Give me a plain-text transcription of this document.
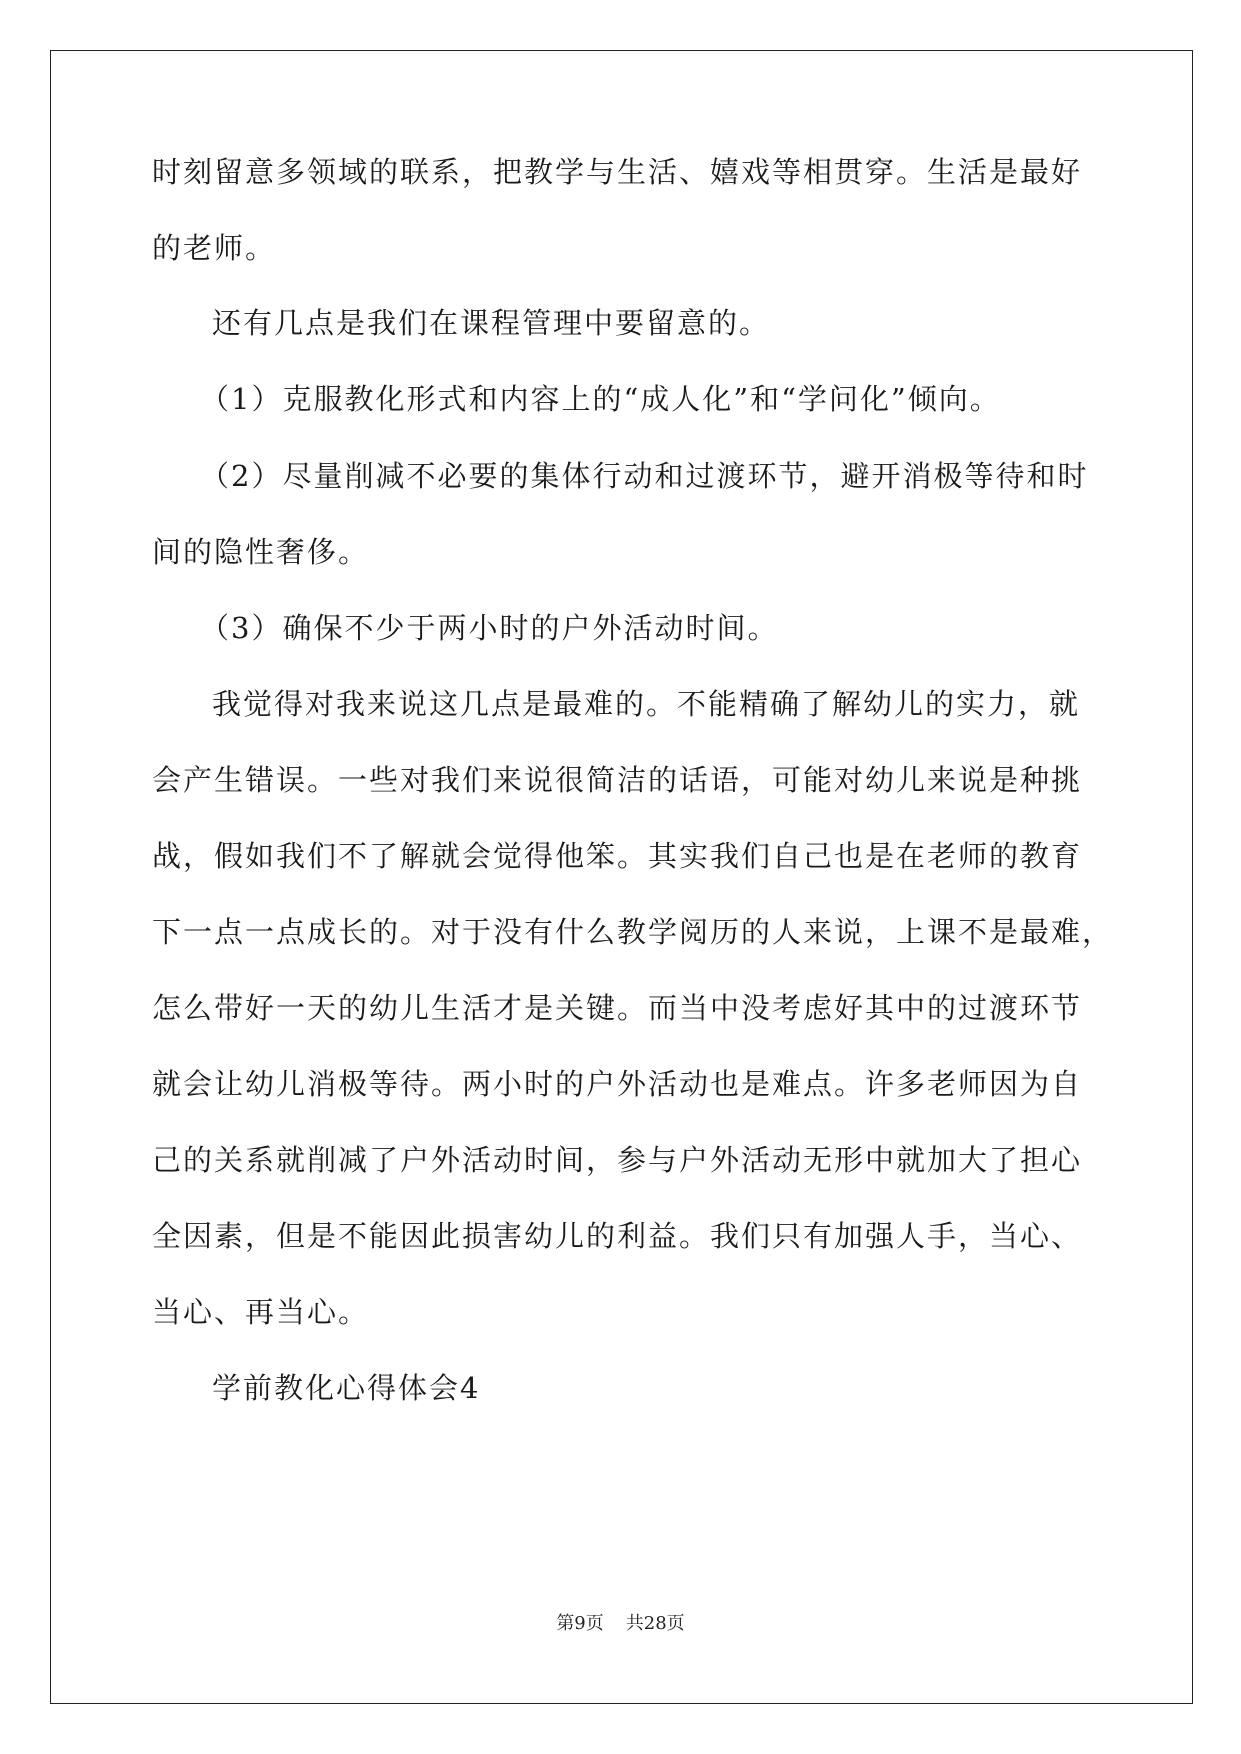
时刻留意多领域的联系，把教学与生活、嬉戏等相贯穿。生活是最好
的老师。
还有几点是我们在课程管理中要留意的。
（1）克服教化形式和内容上的“成人化”和“学问化”倾向。
（2）尽量削减不必要的集体行动和过渡环节，避开消极等待和时
间的隐性奢侈。
（3）确保不少于两小时的户外活动时间。
我觉得对我来说这几点是最难的。不能精确了解幼儿的实力，就
会产生错误。一些对我们来说很简洁的话语，可能对幼儿来说是种挑
战，假如我们不了解就会觉得他笨。其实我们自己也是在老师的教育
下一点一点成长的。对于没有什么教学阅历的人来说，上课不是最难，
怎么带好一天的幼儿生活才是关键。而当中没考虑好其中的过渡环节
就会让幼儿消极等待。两小时的户外活动也是难点。许多老师因为自
己的关系就削减了户外活动时间，参与户外活动无形中就加大了担心
全因素，但是不能因此损害幼儿的利益。我们只有加强人手，当心、
当心、再当心。
学前教化心得体会4
第9页 共28页
